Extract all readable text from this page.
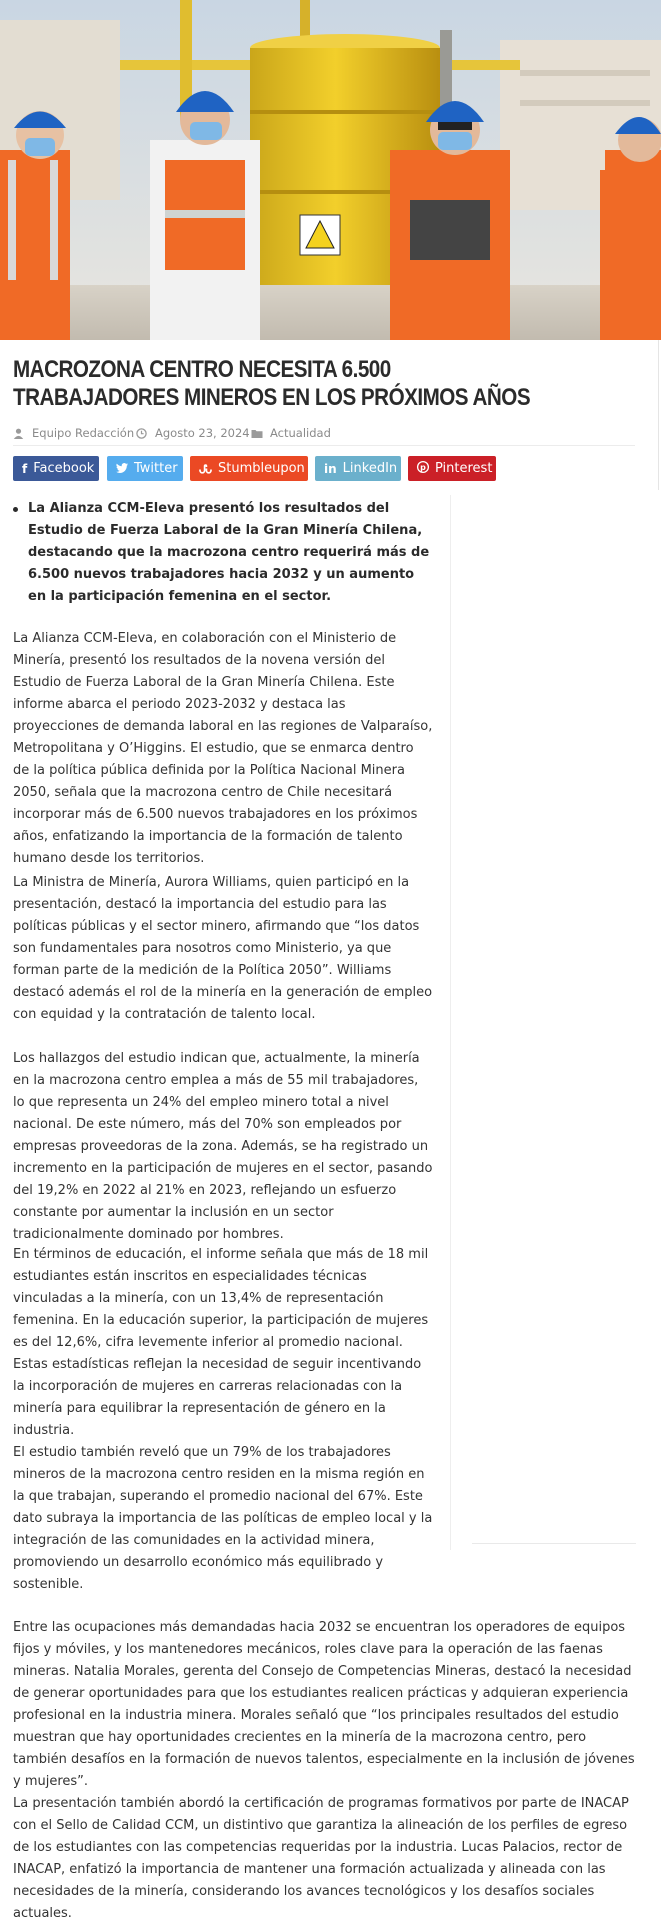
MACROZONA CENTRO NECESITA 6.500 TRABAJADORES MINEROS EN LOS PRÓXIMOS AÑOS
Equipo Redacción Agosto 23, 2024 Actualidad
f Facebook	Twitter	Stumbleupon in LinkedIn	p Pinterest
La Alianza CCM-Eleva presentó los resultados del Estudio de Fuerza Laboral de la Gran Minería Chilena, destacando que la macrozona centro requerirá más de 6.500 nuevos trabajadores hacia 2032 y un aumento en la participación femenina en el sector.

La Alianza CCM-Eleva, en colaboración con el Ministerio de Minería, presentó los resultados de la novena versión del Estudio de Fuerza Laboral de la Gran Minería Chilena. Este informe abarca el periodo 2023-2032 y destaca las proyecciones de demanda laboral en las regiones de Valparaíso, Metropolitana y O’Higgins. El estudio, que se enmarca dentro de la política pública definida por la Política Nacional Minera 2050, señala que la macrozona centro de Chile necesitará incorporar más de 6.500 nuevos trabajadores en los próximos años, enfatizando la importancia de la formación de talento humano desde los territorios.

La Ministra de Minería, Aurora Williams, quien participó en la presentación, destacó la importancia del estudio para las políticas públicas y el sector minero, afirmando que “los datos son fundamentales para nosotros como Ministerio, ya que forman parte de la medición de la Política 2050”. Williams destacó además el rol de la minería en la generación de empleo con equidad y la contratación de talento local.

Los hallazgos del estudio indican que, actualmente, la minería en la macrozona centro emplea a más de 55 mil trabajadores, lo que representa un 24% del empleo minero total a nivel nacional. De este número, más del 70% son empleados por empresas proveedoras de la zona. Además, se ha registrado un incremento en la participación de mujeres en el sector, pasando del 19,2% en 2022 al 21% en 2023, reflejando un esfuerzo constante por aumentar la inclusión en un sector tradicionalmente dominado por hombres.

En términos de educación, el informe señala que más de 18 mil estudiantes están inscritos en especialidades técnicas vinculadas a la minería, con un 13,4% de representación femenina. En la educación superior, la participación de mujeres es del 12,6%, cifra levemente inferior al promedio nacional. Estas estadísticas reflejan la necesidad de seguir incentivando la incorporación de mujeres en carreras relacionadas con la minería para equilibrar la representación de género en la industria.

El estudio también reveló que un 79% de los trabajadores mineros de la macrozona centro residen en la misma región en la que trabajan, superando el promedio nacional del 67%. Este dato subraya la importancia de las políticas de empleo local y la integración de las comunidades en la actividad minera, promoviendo un desarrollo económico más equilibrado y sostenible.

Entre las ocupaciones más demandadas hacia 2032 se encuentran los operadores de equipos fijos y móviles, y los mantenedores mecánicos, roles clave para la operación de las faenas mineras. Natalia Morales, gerenta del Consejo de Competencias Mineras, destacó la necesidad de generar oportunidades para que los estudiantes realicen prácticas y adquieran experiencia profesional en la industria minera. Morales señaló que “los principales resultados del estudio muestran que hay oportunidades crecientes en la minería de la macrozona centro, pero también desafíos en la formación de nuevos talentos, especialmente en la inclusión de jóvenes y mujeres”.

La presentación también abordó la certificación de programas formativos por parte de INACAP con el Sello de Calidad CCM, un distintivo que garantiza la alineación de los perfiles de egreso de los estudiantes con las competencias requeridas por la industria. Lucas Palacios, rector de INACAP, enfatizó la importancia de mantener una formación actualizada y alineada con las necesidades de la minería, considerando los avances tecnológicos y los desafíos sociales actuales.
